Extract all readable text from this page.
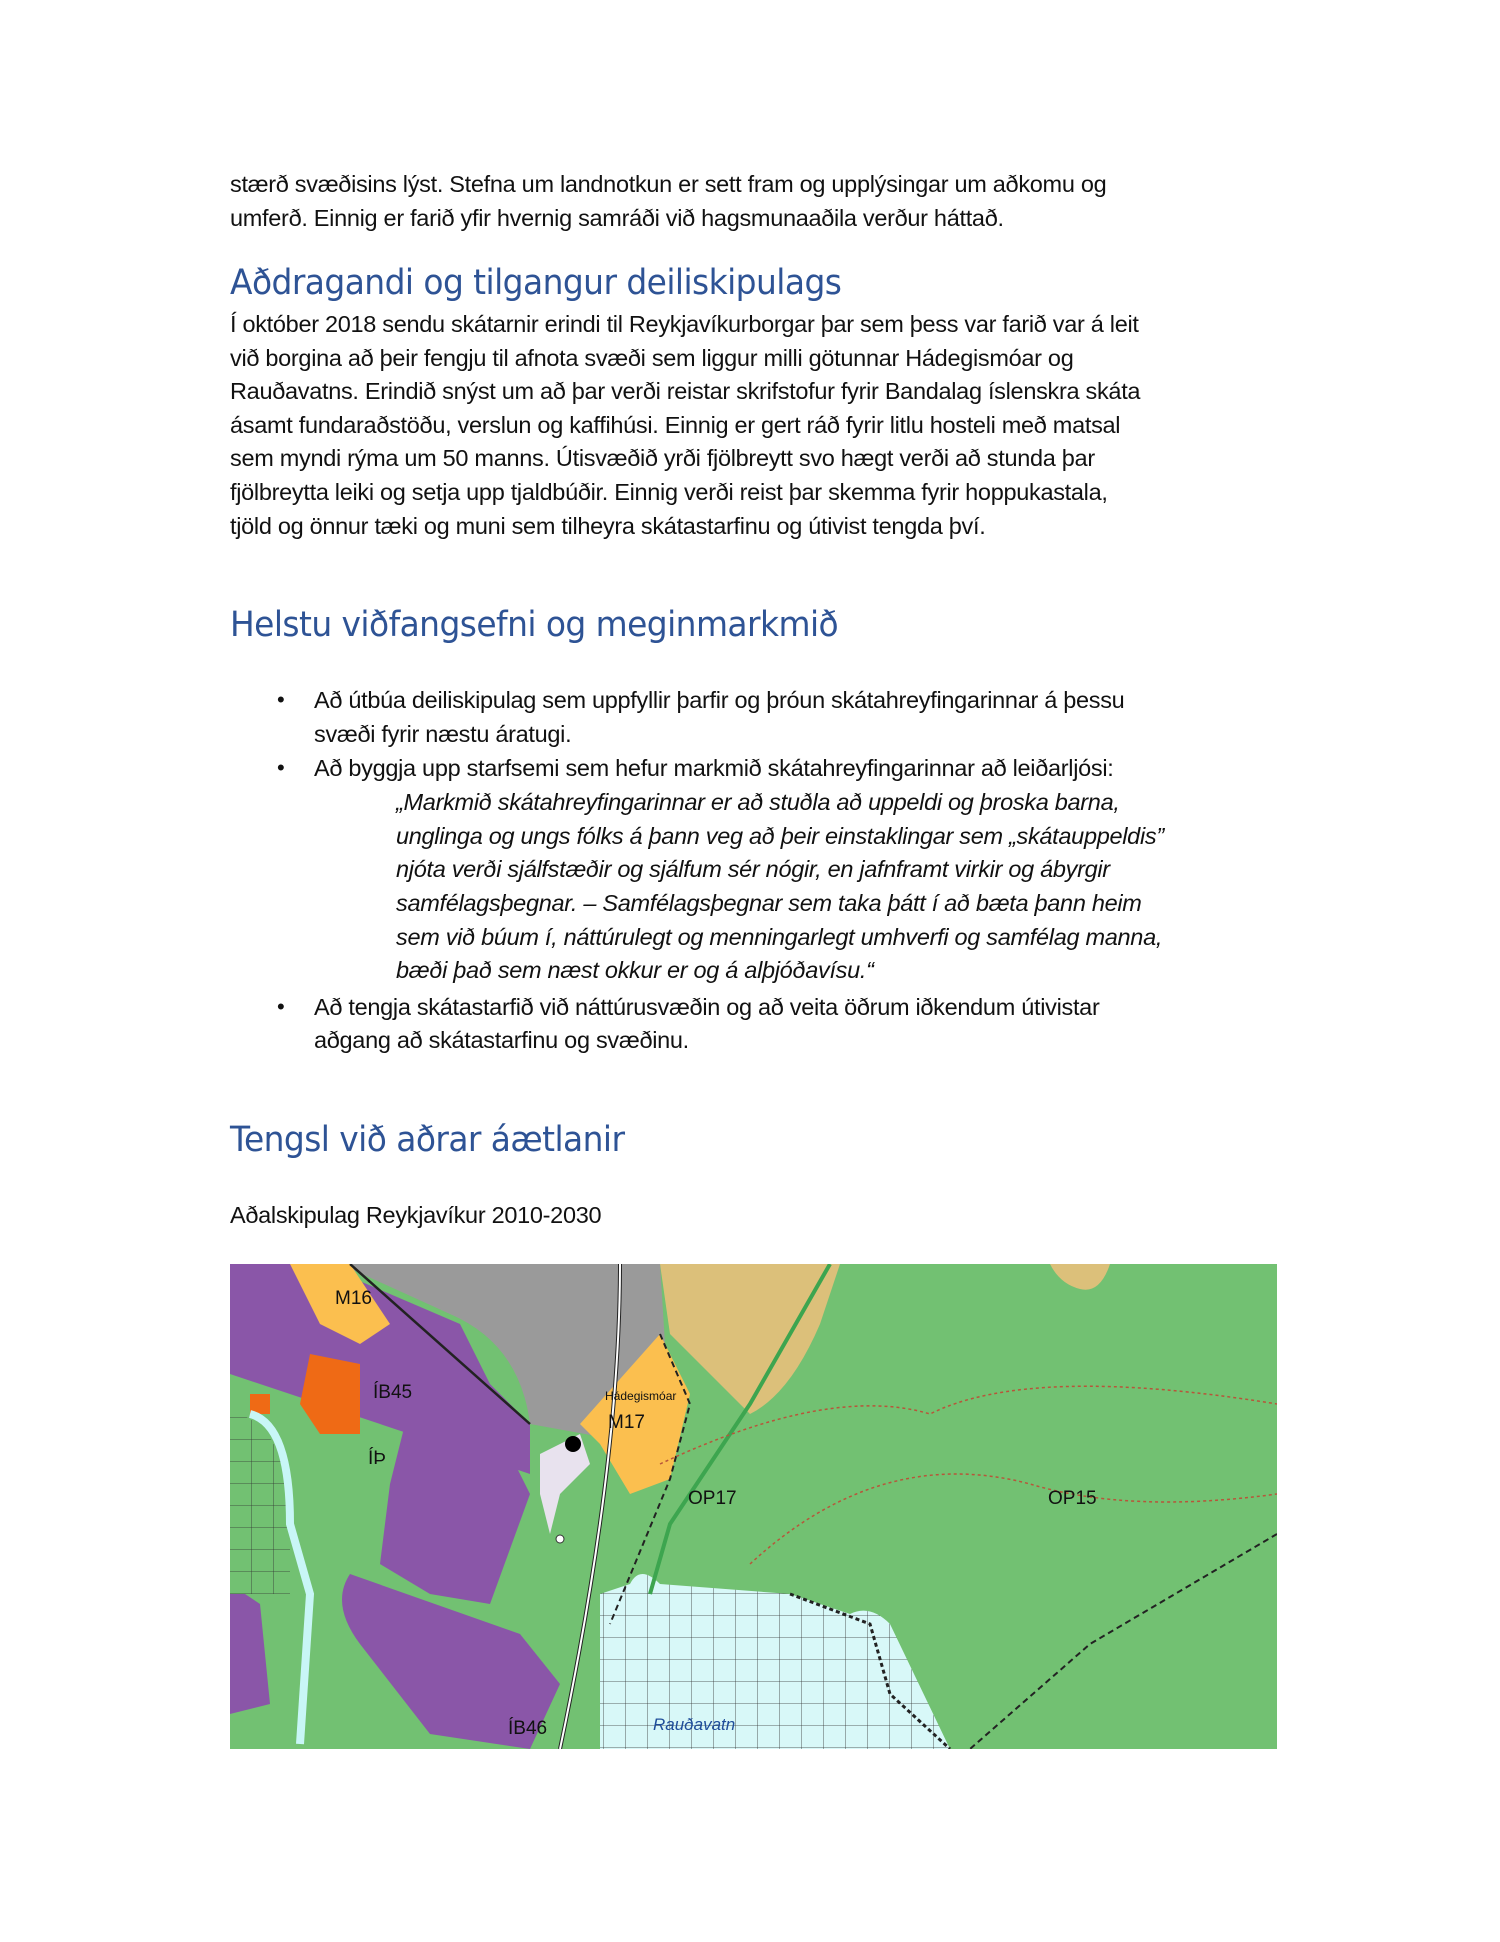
stærð svæðisins lýst. Stefna um landnotkun er sett fram og upplýsingar um aðkomu og
umferð. Einnig er farið yfir hvernig samráði við hagsmunaaðila verður háttað.
Aðdragandi og tilgangur deiliskipulags
Í október 2018 sendu skátarnir erindi til Reykjavíkurborgar þar sem þess var farið var á leit
við borgina að þeir fengju til afnota svæði sem liggur milli götunnar Hádegismóar og
Rauðavatns. Erindið snýst um að þar verði reistar skrifstofur fyrir Bandalag íslenskra skáta
ásamt fundaraðstöðu, verslun og kaffihúsi. Einnig er gert ráð fyrir litlu hosteli með matsal
sem myndi rýma um 50 manns. Útisvæðið yrði fjölbreytt svo hægt verði að stunda þar
fjölbreytta leiki og setja upp tjaldbúðir. Einnig verði reist þar skemma fyrir hoppukastala,
tjöld og önnur tæki og muni sem tilheyra skátastarfinu og útivist tengda því.
Helstu viðfangsefni og meginmarkmið
• Að útbúa deiliskipulag sem uppfyllir þarfir og þróun skátahreyfingarinnar á þessu
svæði fyrir næstu áratugi.
• Að byggja upp starfsemi sem hefur markmið skátahreyfingarinnar að leiðarljósi:
„Markmið skátahreyfingarinnar er að stuðla að uppeldi og þroska barna,
unglinga og ungs fólks á þann veg að þeir einstaklingar sem „skátauppeldis”
njóta verði sjálfstæðir og sjálfum sér nógir, en jafnframt virkir og ábyrgir
samfélagsþegnar. – Samfélagsþegnar sem taka þátt í að bæta þann heim
sem við búum í, náttúrulegt og menningarlegt umhverfi og samfélag manna,
bæði það sem næst okkur er og á alþjóðavísu.“
• Að tengja skátastarfið við náttúrusvæðin og að veita öðrum iðkendum útivistar
aðgang að skátastarfinu og svæðinu.
Tengsl við aðrar áætlanir
Aðalskipulag Reykjavíkur 2010-2030
M16
ÍB45
ÍÞ
Hádegismóar
M17
OP17	OP15
ÍB46	Rauðavatn
